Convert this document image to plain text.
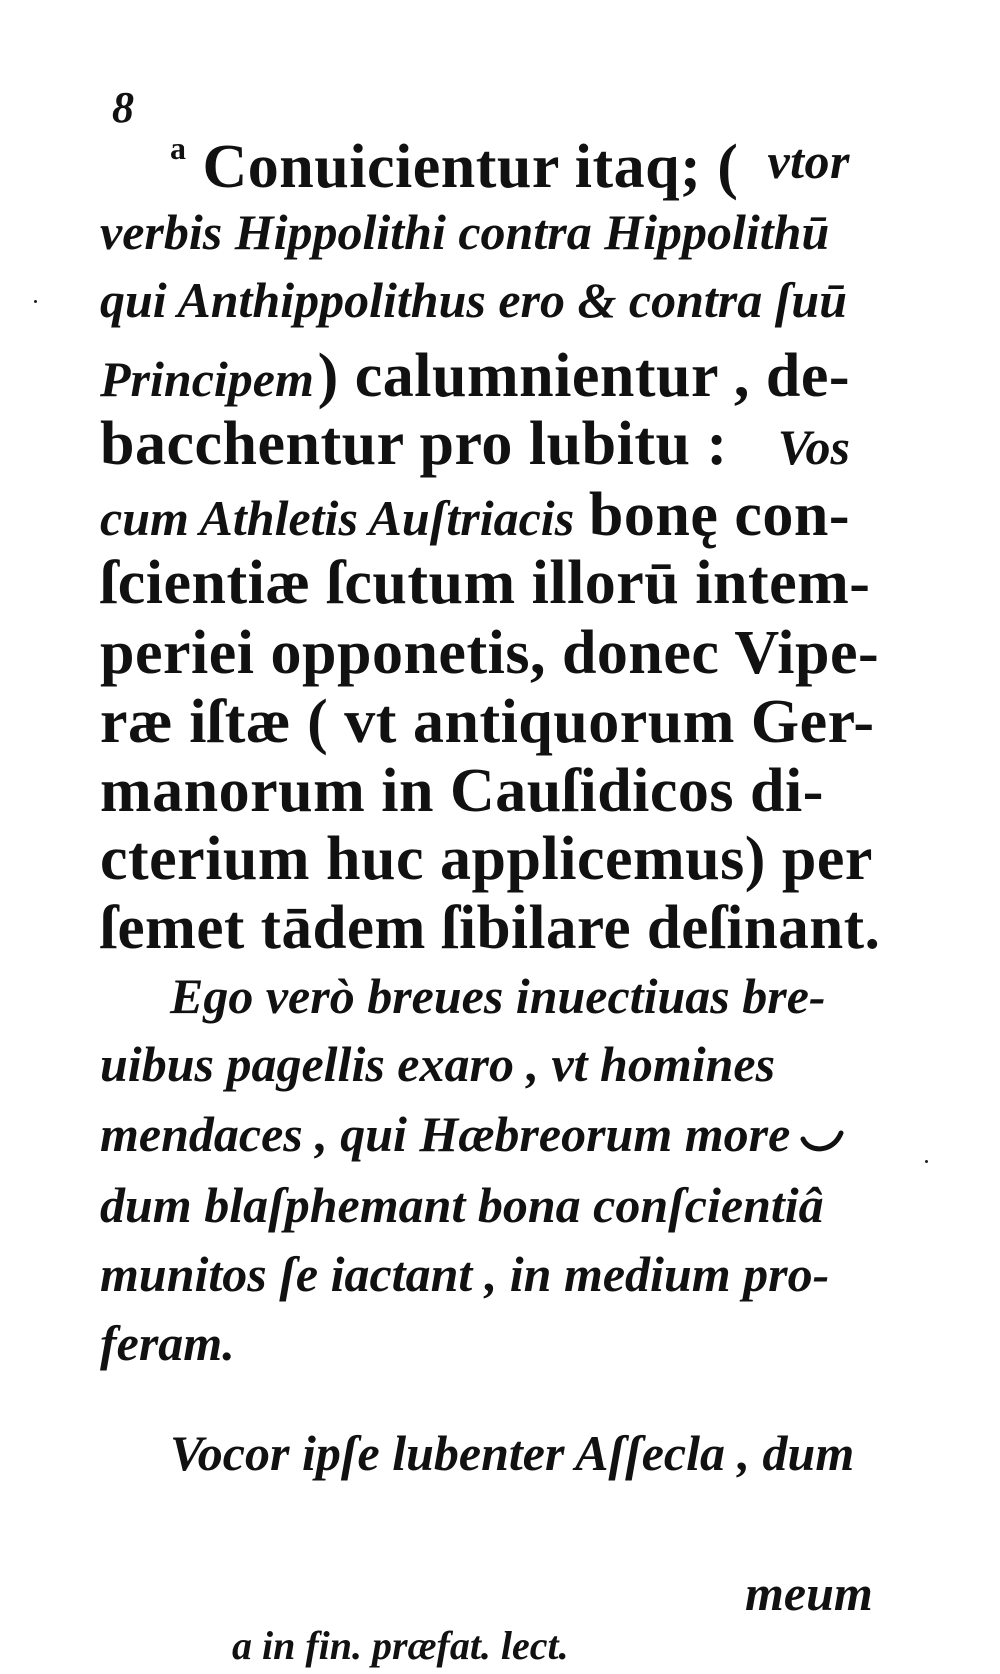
8
$^a$ Conuicientur itaq; ( vtor
verbis Hippolithi contra Hippolithū
qui Anthippolithus ero & contra ſuū
Principem ) calumnientur , de-
bacchentur pro lubitu : Vos
cum Athletis Auſtriacis bonę con-
ſcientiæ ſcutum illorū intem-
periei opponetis, donec Vipe-
ræ iſtæ ( vt antiquorum Ger-
manorum in Cauſidicos di-
cterium huc applicemus) per
ſemet tādem ſibilare deſinant.
Ego verò breues inuectiuas bre-
uibus pagellis exaro , vt homines
mendaces , qui Hæbreorum more
dum blaſphemant bona conſcientiâ
munitos ſe iactant , in medium pro-
feram.
Vocor ipſe lubenter Aſſecla , dum
meum
a in fin. præfat. lect.
